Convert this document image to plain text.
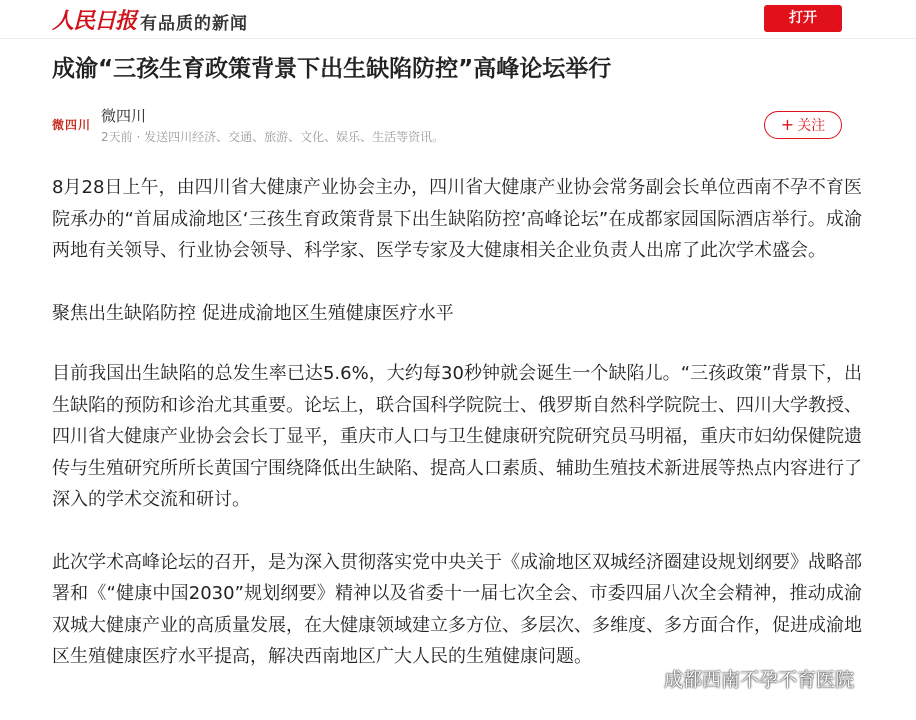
人民日报 有品质的新闻	打开
成渝“三孩生育政策背景下出生缺陷防控”高峰论坛举行
微四川 微四川
2天前 · 发送四川经济、交通、旅游、文化、娱乐、生活等资讯。
+ 关注

8月28日上午，由四川省大健康产业协会主办，四川省大健康产业协会常务副会长单位西南不孕不育医院承办的“首届成渝地区‘三孩生育政策背景下出生缺陷防控’高峰论坛”在成都家园国际酒店举行。成渝两地有关领导、行业协会领导、科学家、医学专家及大健康相关企业负责人出席了此次学术盛会。

聚焦出生缺陷防控 促进成渝地区生殖健康医疗水平

目前我国出生缺陷的总发生率已达5.6%，大约每30秒钟就会诞生一个缺陷儿。“三孩政策”背景下，出生缺陷的预防和诊治尤其重要。论坛上，联合国科学院院士、俄罗斯自然科学院院士、四川大学教授、四川省大健康产业协会会长丁显平，重庆市人口与卫生健康研究院研究员马明福，重庆市妇幼保健院遗传与生殖研究所所长黄国宁围绕降低出生缺陷、提高人口素质、辅助生殖技术新进展等热点内容进行了深入的学术交流和研讨。

此次学术高峰论坛的召开，是为深入贯彻落实党中央关于《成渝地区双城经济圈建设规划纲要》战略部署和《“健康中国2030”规划纲要》精神以及省委十一届七次全会、市委四届八次全会精神，推动成渝双城大健康产业的高质量发展，在大健康领域建立多方位、多层次、多维度、多方面合作，促进成渝地区生殖健康医疗水平提高，解决西南地区广大人民的生殖健康问题。

成都西南不孕不育医院
